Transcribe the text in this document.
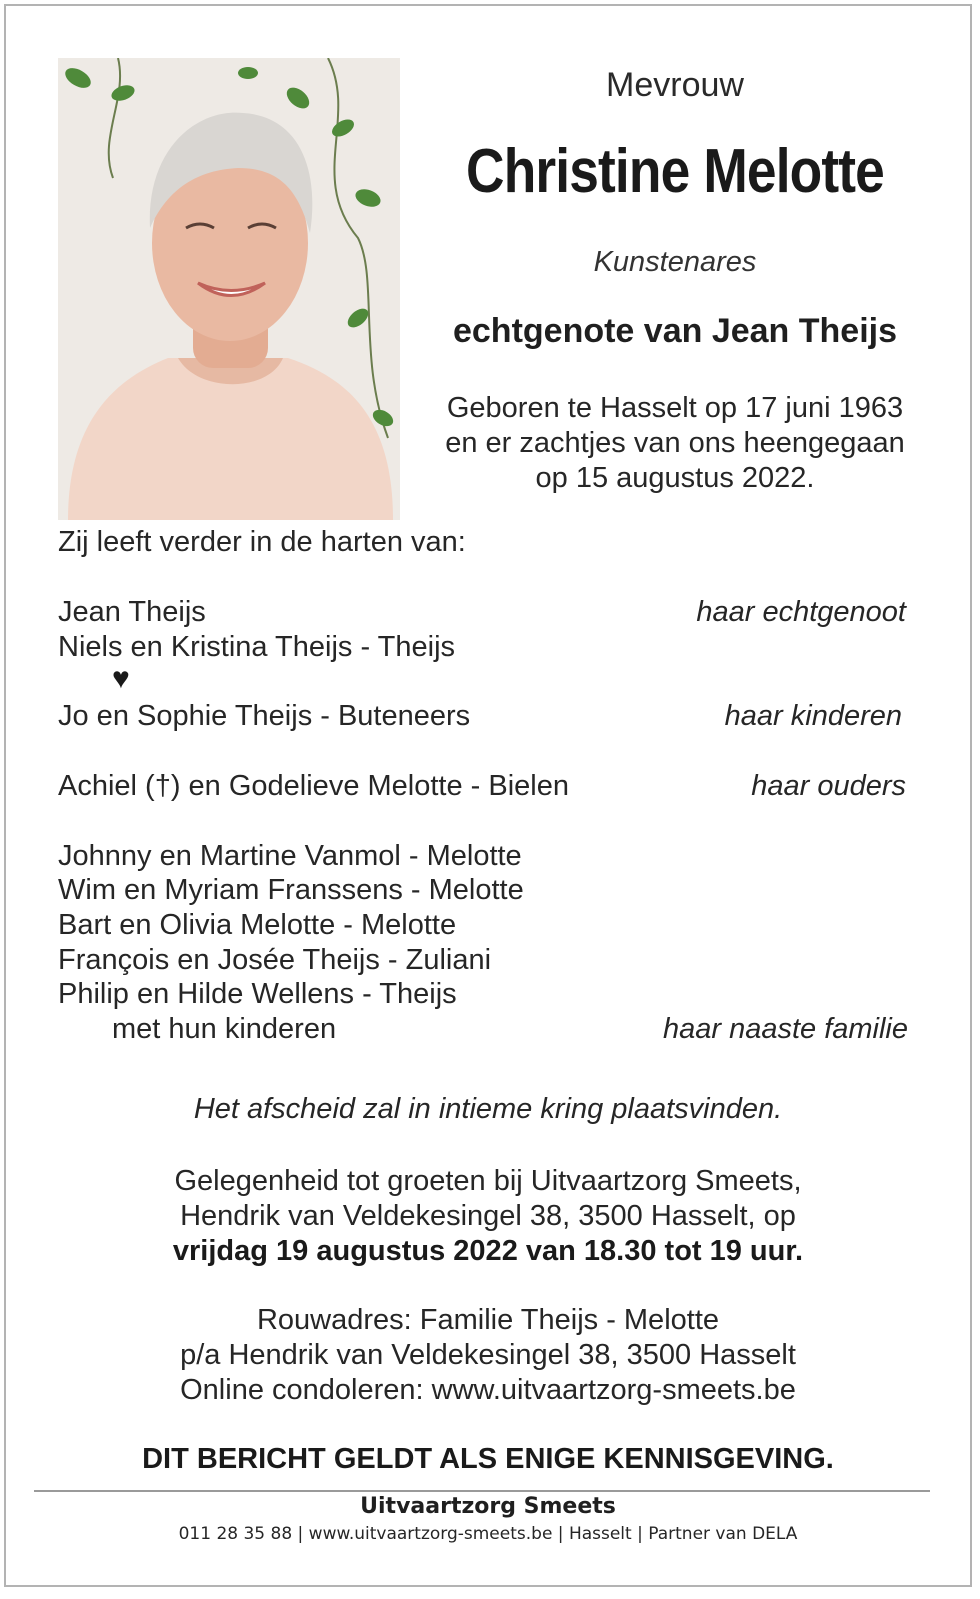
Mevrouw
Christine Melotte
Kunstenares
echtgenote van Jean Theijs
Geboren te Hasselt op 17 juni 1963
en er zachtjes van ons heengegaan
op 15 augustus 2022.
Zij leeft verder in de harten van:
Jean Theijs	haar echtgenoot
Niels en Kristina Theijs - Theijs
♥
Jo en Sophie Theijs - Buteneers	haar kinderen
Achiel (†) en Godelieve Melotte - Bielen	haar ouders
Johnny en Martine Vanmol - Melotte
Wim en Myriam Franssens - Melotte
Bart en Olivia Melotte - Melotte
François en Josée Theijs - Zuliani
Philip en Hilde Wellens - Theijs
met hun kinderen	haar naaste familie
Het afscheid zal in intieme kring plaatsvinden.
Gelegenheid tot groeten bij Uitvaartzorg Smeets,
Hendrik van Veldekesingel 38, 3500 Hasselt, op
vrijdag 19 augustus 2022 van 18.30 tot 19 uur.
Rouwadres: Familie Theijs - Melotte
p/a Hendrik van Veldekesingel 38, 3500 Hasselt
Online condoleren: www.uitvaartzorg-smeets.be
DIT BERICHT GELDT ALS ENIGE KENNISGEVING.
Uitvaartzorg Smeets
011 28 35 88 | www.uitvaartzorg-smeets.be | Hasselt | Partner van DELA
